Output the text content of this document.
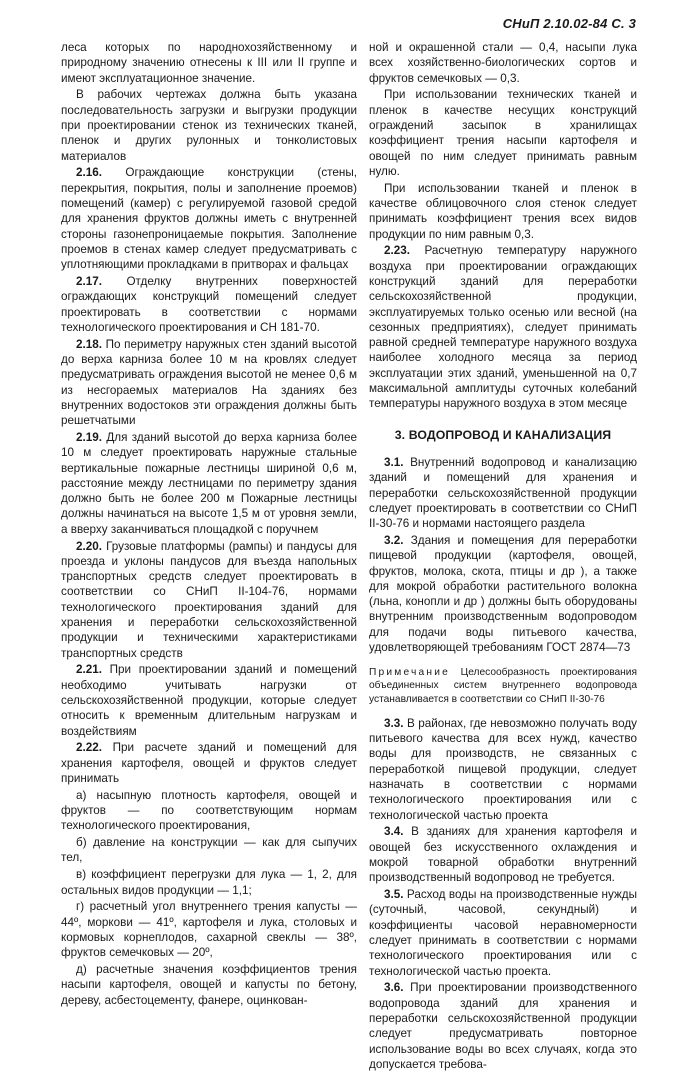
СНиП 2.10.02-84 С. 3

леса которых по народнохозяйственному и природному значению отнесены к III или II группе и имеют эксплуатационное значение.

В рабочих чертежах должна быть указана последовательность загрузки и выгрузки продукции при проектировании стенок из технических тканей, пленок и других рулонных и тонколистовых материалов

2.16. Ограждающие конструкции (стены, перекрытия, покрытия, полы и заполнение проемов) помещений (камер) с регулируемой газовой средой для хранения фруктов должны иметь с внутренней стороны газонепроницаемые покрытия. Заполнение проемов в стенах камер следует предусматривать с уплотняющими прокладками в притворах и фальцах

2.17. Отделку внутренних поверхностей ограждающих конструкций помещений следует проектировать в соответствии с нормами технологического проектирования и СН 181-70.

2.18. По периметру наружных стен зданий высотой до верха карниза более 10 м на кровлях следует предусматривать ограждения высотой не менее 0,6 м из несгораемых материалов На зданиях без внутренних водостоков эти ограждения должны быть решетчатыми

2.19. Для зданий высотой до верха карниза более 10 м следует проектировать наружные стальные вертикальные пожарные лестницы шириной 0,6 м, расстояние между лестницами по периметру здания должно быть не более 200 м Пожарные лестницы должны начинаться на высоте 1,5 м от уровня земли, а вверху заканчиваться площадкой с поручнем

2.20. Грузовые платформы (рампы) и пандусы для проезда и уклоны пандусов для въезда напольных транспортных средств следует проектировать в соответствии со СНиП II-104-76, нормами технологического проектирования зданий для хранения и переработки сельскохозяйственной продукции и техническими характеристиками транспортных средств

2.21. При проектировании зданий и помещений необходимо учитывать нагрузки от сельскохозяйственной продукции, которые следует относить к временным длительным нагрузкам и воздействиям

2.22. При расчете зданий и помещений для хранения картофеля, овощей и фруктов следует принимать

а) насыпную плотность картофеля, овощей и фруктов — по соответствующим нормам технологического проектирования,

б) давление на конструкции — как для сыпучих тел,

в) коэффициент перегрузки для лука — 1, 2, для остальных видов продукции — 1,1;

г) расчетный угол внутреннего трения капусты — 44º, моркови — 41º, картофеля и лука, столовых и кормовых корнеплодов, сахарной свеклы — 38º, фруктов семечковых — 20º,

д) расчетные значения коэффициентов трения насыпи картофеля, овощей и капусты по бетону, дереву, асбестоцементу, фанере, оцинкован-

ной и окрашенной стали — 0,4, насыпи лука всех хозяйственно-биологических сортов и фруктов семечковых — 0,3.

При использовании технических тканей и пленок в качестве несущих конструкций ограждений засыпок в хранилищах коэффициент трения насыпи картофеля и овощей по ним следует принимать равным нулю.

При использовании тканей и пленок в качестве облицовочного слоя стенок следует принимать коэффициент трения всех видов продукции по ним равным 0,3.

2.23. Расчетную температуру наружного воздуха при проектировании ограждающих конструкций зданий для переработки сельскохозяйственной продукции, эксплуатируемых только осенью или весной (на сезонных предприятиях), следует принимать равной средней температуре наружного воздуха наиболее холодного месяца за период эксплуатации этих зданий, уменьшенной на 0,7 максимальной амплитуды суточных колебаний температуры наружного воздуха в этом месяце

3. ВОДОПРОВОД И КАНАЛИЗАЦИЯ

3.1. Внутренний водопровод и канализацию зданий и помещений для хранения и переработки сельскохозяйственной продукции следует проектировать в соответствии со СНиП II-30-76 и нормами настоящего раздела

3.2. Здания и помещения для переработки пищевой продукции (картофеля, овощей, фруктов, молока, скота, птицы и др ), а также для мокрой обработки растительного волокна (льна, конопли и др ) должны быть оборудованы внутренним производственным водопроводом для подачи воды питьевого качества, удовлетворяющей требованиям ГОСТ 2874—73

Примечание Целесообразность проектирования объединенных систем внутреннего водопровода устанавливается в соответствии со СНиП II-30-76

3.3. В районах, где невозможно получать воду питьевого качества для всех нужд, качество воды для производств, не связанных с переработкой пищевой продукции, следует назначать в соответствии с нормами технологического проектирования или с технологической частью проекта

3.4. В зданиях для хранения картофеля и овощей без искусственного охлаждения и мокрой товарной обработки внутренний производственный водопровод не требуется.

3.5. Расход воды на производственные нужды (суточный, часовой, секундный) и коэффициенты часовой неравномерности следует принимать в соответствии с нормами технологического проектирования или с технологической частью проекта.

3.6. При проектировании производственного водопровода зданий для хранения и переработки сельскохозяйственной продукции следует предусматривать повторное использование воды во всех случаях, когда это допускается требова-
